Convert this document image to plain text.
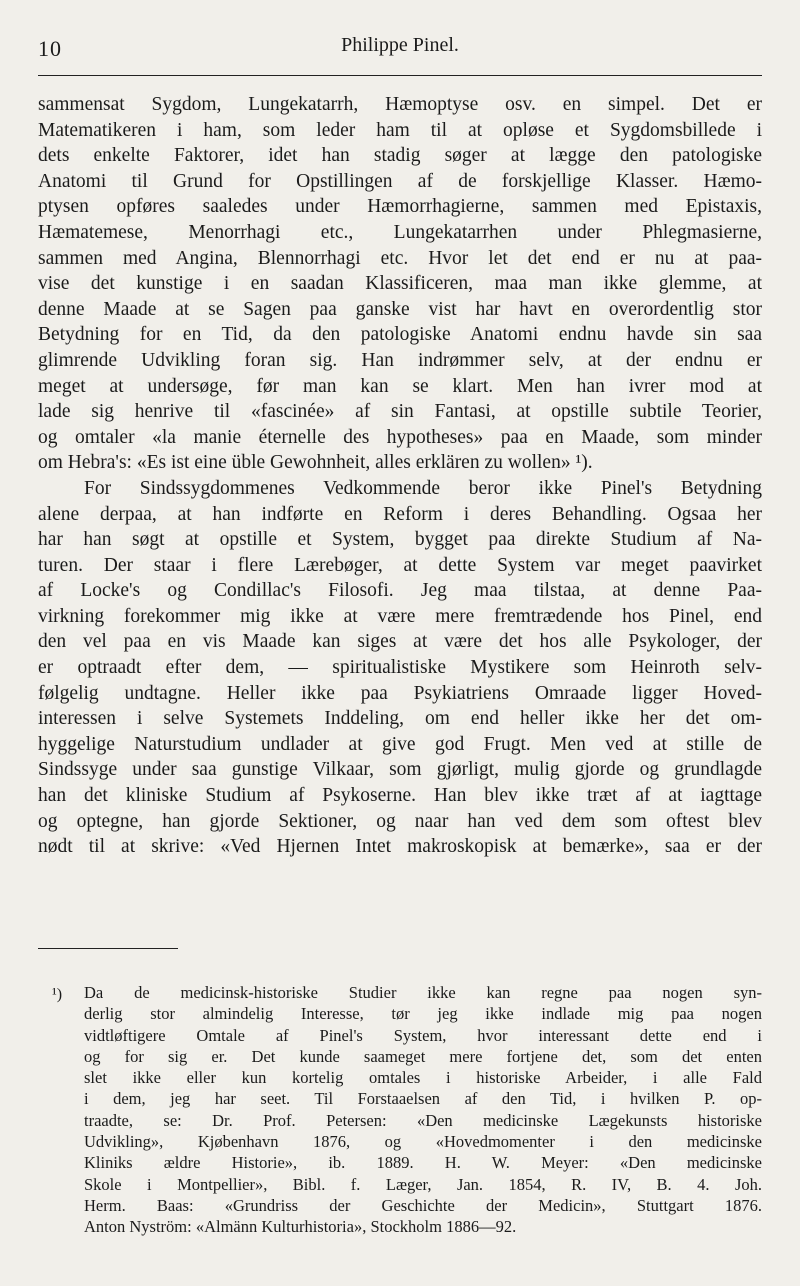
10	Philippe Pinel.
sammensat Sygdom, Lungekatarrh, Hæmoptyse osv. en simpel. Det er
Matematikeren i ham, som leder ham til at opløse et Sygdomsbillede i
dets enkelte Faktorer, idet han stadig søger at lægge den patologiske
Anatomi til Grund for Opstillingen af de forskjellige Klasser. Hæmo-
ptysen opføres saaledes under Hæmorrhagierne, sammen med Epistaxis,
Hæmatemese, Menorrhagi etc., Lungekatarrhen under Phlegmasierne,
sammen med Angina, Blennorrhagi etc. Hvor let det end er nu at paa-
vise det kunstige i en saadan Klassificeren, maa man ikke glemme, at
denne Maade at se Sagen paa ganske vist har havt en overordentlig stor
Betydning for en Tid, da den patologiske Anatomi endnu havde sin saa
glimrende Udvikling foran sig. Han indrømmer selv, at der endnu er
meget at undersøge, før man kan se klart. Men han ivrer mod at
lade sig henrive til «fascinée» af sin Fantasi, at opstille subtile Teorier,
og omtaler «la manie éternelle des hypotheses» paa en Maade, som minder
om Hebra's: «Es ist eine üble Gewohnheit, alles erklären zu wollen» ¹).
For Sindssygdommenes Vedkommende beror ikke Pinel's Betydning
alene derpaa, at han indførte en Reform i deres Behandling. Ogsaa her
har han søgt at opstille et System, bygget paa direkte Studium af Na-
turen. Der staar i flere Lærebøger, at dette System var meget paavirket
af Locke's og Condillac's Filosofi. Jeg maa tilstaa, at denne Paa-
virkning forekommer mig ikke at være mere fremtrædende hos Pinel, end
den vel paa en vis Maade kan siges at være det hos alle Psykologer, der
er optraadt efter dem, — spiritualistiske Mystikere som Heinroth selv-
følgelig undtagne. Heller ikke paa Psykiatriens Omraade ligger Hoved-
interessen i selve Systemets Inddeling, om end heller ikke her det om-
hyggelige Naturstudium undlader at give god Frugt. Men ved at stille de
Sindssyge under saa gunstige Vilkaar, som gjørligt, mulig gjorde og grundlagde
han det kliniske Studium af Psykoserne. Han blev ikke træt af at iagttage
og optegne, han gjorde Sektioner, og naar han ved dem som oftest blev
nødt til at skrive: «Ved Hjernen Intet makroskopisk at bemærke», saa er der
¹) Da de medicinsk-historiske Studier ikke kan regne paa nogen syn-
derlig stor almindelig Interesse, tør jeg ikke indlade mig paa nogen
vidtløftigere Omtale af Pinel's System, hvor interessant dette end i
og for sig er. Det kunde saameget mere fortjene det, som det enten
slet ikke eller kun kortelig omtales i historiske Arbeider, i alle Fald
i dem, jeg har seet. Til Forstaaelsen af den Tid, i hvilken P. op-
traadte, se: Dr. Prof. Petersen: «Den medicinske Lægekunsts historiske
Udvikling», Kjøbenhavn 1876, og «Hovedmomenter i den medicinske
Kliniks ældre Historie», ib. 1889. H. W. Meyer: «Den medicinske
Skole i Montpellier», Bibl. f. Læger, Jan. 1854, R. IV, B. 4. Joh.
Herm. Baas: «Grundriss der Geschichte der Medicin», Stuttgart 1876.
Anton Nyström: «Almänn Kulturhistoria», Stockholm 1886—92.
